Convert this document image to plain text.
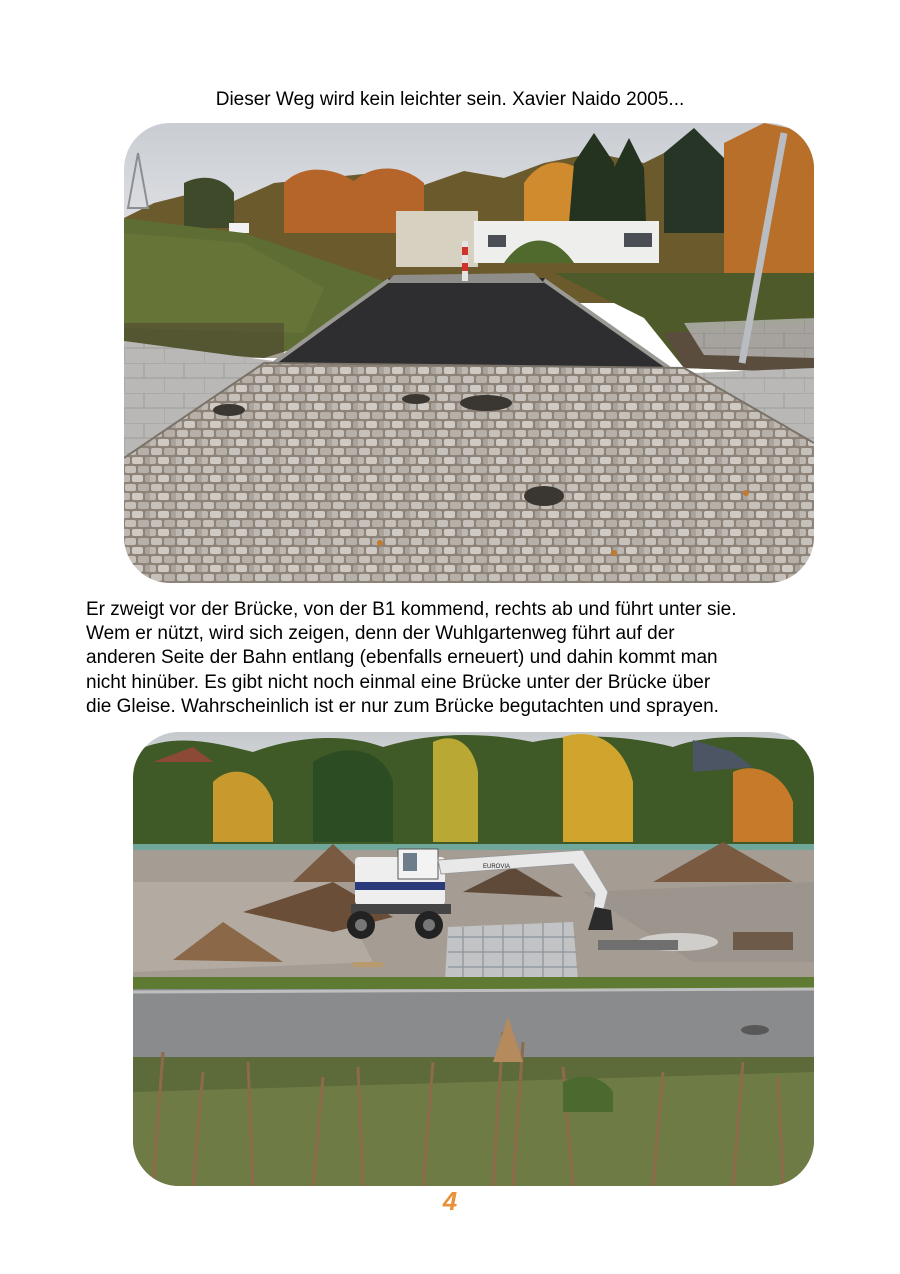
Dieser Weg wird kein leichter sein. Xavier Naido 2005...
Er zweigt vor der Brücke, von der B1 kommend, rechts ab und führt unter sie.
Wem er nützt, wird sich zeigen, denn der Wuhlgartenweg führt auf der
anderen Seite der Bahn entlang (ebenfalls erneuert) und dahin kommt man
nicht hinüber. Es gibt nicht noch einmal eine Brücke unter der Brücke über
die Gleise. Wahrscheinlich ist er nur zum Brücke begutachten und sprayen.
EUROVIA
4
